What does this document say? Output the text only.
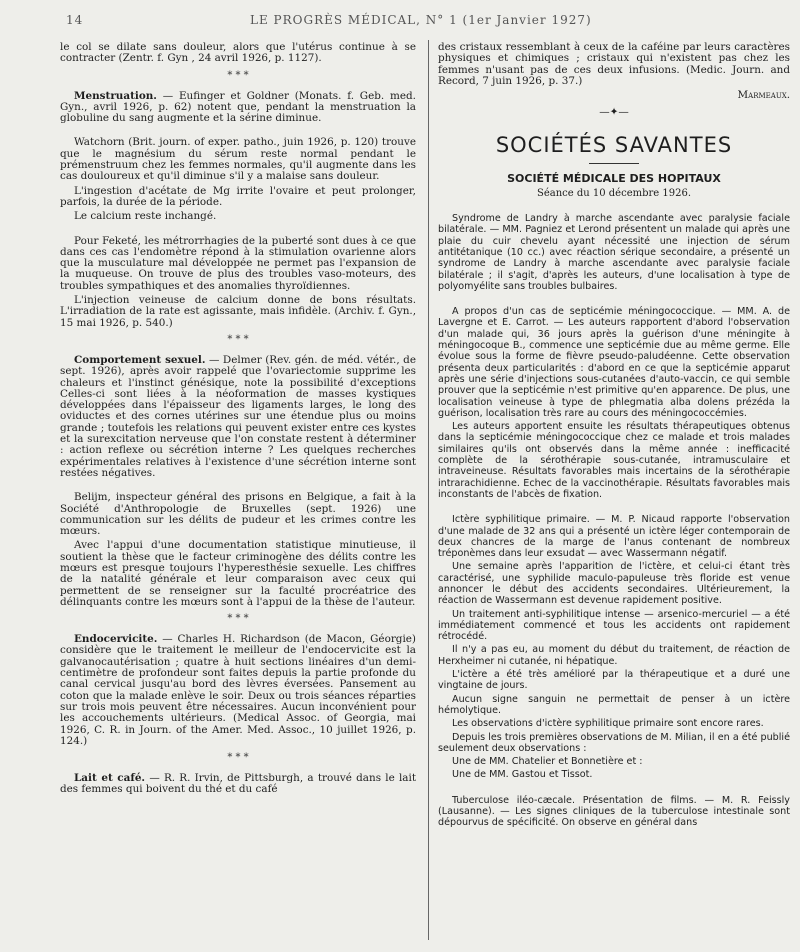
14	LE PROGRÈS MÉDICAL, N° 1 (1er Janvier 1927)

le col se dilate sans douleur, alors que l'utérus continue à se contracter (Zentr. f. Gyn , 24 avril 1926, p. 1127).

* * *

Menstruation. — Eufinger et Goldner (Monats. f. Geb. med. Gyn., avril 1926, p. 62) notent que, pendant la menstruation la globuline du sang augmente et la sérine diminue.

Watchorn (Brit. journ. of exper. patho., juin 1926, p. 120) trouve que le magnésium du sérum reste normal pendant le prémenstruum chez les femmes normales, qu'il augmente dans les cas douloureux et qu'il diminue s'il y a malaise sans douleur.

L'ingestion d'acétate de Mg irrite l'ovaire et peut prolonger, parfois, la durée de la période.

Le calcium reste inchangé.

Pour Feketé, les métrorrhagies de la puberté sont dues à ce que dans ces cas l'endomètre répond à la stimulation ovarienne alors que la musculature mal développée ne permet pas l'expansion de la muqueuse. On trouve de plus des troubles vaso-moteurs, des troubles sympathiques et des anomalies thyroïdiennes.

L'injection veineuse de calcium donne de bons résultats. L'irradiation de la rate est agissante, mais infidèle. (Archiv. f. Gyn., 15 mai 1926, p. 540.)

* * *

Comportement sexuel. — Delmer (Rev. gén. de méd. vétér., de sept. 1926), après avoir rappelé que l'ovariectomie supprime les chaleurs et l'instinct génésique, note la possibilité d'exceptions Celles-ci sont liées à la néoformation de masses kystiques développées dans l'épaisseur des ligaments larges, le long des oviductes et des cornes utérines sur une étendue plus ou moins grande ; toutefois les relations qui peuvent exister entre ces kystes et la surexcitation nerveuse que l'on constate restent à déterminer : action reflexe ou sécrétion interne ? Les quelques recherches expérimentales relatives à l'existence d'une sécrétion interne sont restées négatives.

Belijm, inspecteur général des prisons en Belgique, a fait à la Société d'Anthropologie de Bruxelles (sept. 1926) une communication sur les délits de pudeur et les crimes contre les mœurs.

Avec l'appui d'une documentation statistique minutieuse, il soutient la thèse que le facteur criminogène des délits contre les mœurs est presque toujours l'hyperesthésie sexuelle. Les chiffres de la natalité générale et leur comparaison avec ceux qui permettent de se renseigner sur la faculté procréatrice des délinquants contre les mœurs sont à l'appui de la thèse de l'auteur.

* * *

Endocervicite. — Charles H. Richardson (de Macon, Géorgie) considère que le traitement le meilleur de l'endocervicite est la galvanocautérisation ; quatre à huit sections linéaires d'un demi-centimètre de profondeur sont faites depuis la partie profonde du canal cervical jusqu'au bord des lèvres éversées. Pansement au coton que la malade enlève le soir. Deux ou trois séances réparties sur trois mois peuvent être nécessaires. Aucun inconvénient pour les accouchements ultérieurs. (Medical Assoc. of Georgia, mai 1926, C. R. in Journ. of the Amer. Med. Assoc., 10 juillet 1926, p. 124.)

* * *

Lait et café. — R. R. Irvin, de Pittsburgh, a trouvé dans le lait des femmes qui boivent du thé et du café

des cristaux ressemblant à ceux de la caféine par leurs caractères physiques et chimiques ; cristaux qui n'existent pas chez les femmes n'usant pas de ces deux infusions. (Medic. Journ. and Record, 7 juin 1926, p. 37.)

Marmeaux.
—✦—
SOCIÉTÉS SAVANTES
SOCIÉTÉ MÉDICALE DES HOPITAUX
Séance du 10 décembre 1926.

Syndrome de Landry à marche ascendante avec paralysie faciale bilatérale. — MM. Pagniez et Lerond présentent un malade qui après une plaie du cuir chevelu ayant nécessité une injection de sérum antitétanique (10 cc.) avec réaction sérique secondaire, a présenté un syndrome de Landry à marche ascendante avec paralysie faciale bilatérale ; il s'agit, d'après les auteurs, d'une localisation à type de polyomyélite sans troubles bulbaires.

A propos d'un cas de septicémie méningococcique. — MM. A. de Lavergne et E. Carrot. — Les auteurs rapportent d'abord l'observation d'un malade qui, 36 jours après la guérison d'une méningite à méningocoque B., commence une septicémie due au même germe. Elle évolue sous la forme de fièvre pseudo-paludéenne. Cette observation présenta deux particularités : d'abord en ce que la septicémie apparut après une série d'injections sous-cutanées d'auto-vaccin, ce qui semble prouver que la septicémie n'est primitive qu'en apparence. De plus, une localisation veineuse à type de phlegmatia alba dolens prézéda la guérison, localisation très rare au cours des méningococcémies.

Les auteurs apportent ensuite les résultats thérapeutiques obtenus dans la septicémie méningococcique chez ce malade et trois malades similaires qu'ils ont observés dans la même année : inefficacité complète de la sérothérapie sous-cutanée, intramusculaire et intraveineuse. Résultats favorables mais incertains de la sérothérapie intrarachidienne. Echec de la vaccinothérapie. Résultats favorables mais inconstants de l'abcès de fixation.

Ictère syphilitique primaire. — M. P. Nicaud rapporte l'observation d'une malade de 32 ans qui a présenté un ictère léger contemporain de deux chancres de la marge de l'anus contenant de nombreux tréponèmes dans leur exsudat — avec Wassermann négatif.

Une semaine après l'apparition de l'ictère, et celui-ci étant très caractérisé, une syphilide maculo-papuleuse très floride est venue annoncer le début des accidents secondaires. Ultérieurement, la réaction de Wassermann est devenue rapidement positive.

Un traitement anti-syphilitique intense — arsenico-mercuriel — a été immédiatement commencé et tous les accidents ont rapidement rétrocédé.

Il n'y a pas eu, au moment du début du traitement, de réaction de Herxheimer ni cutanée, ni hépatique.

L'ictère a été très amélioré par la thérapeutique et a duré une vingtaine de jours.

Aucun signe sanguin ne permettait de penser à un ictère hémolytique.

Les observations d'ictère syphilitique primaire sont encore rares.

Depuis les trois premières observations de M. Milian, il en a été publié seulement deux observations :

Une de MM. Chatelier et Bonnetière et :

Une de MM. Gastou et Tissot.

Tuberculose iléo-cæcale. Présentation de films. — M. R. Feissly (Lausanne). — Les signes cliniques de la tuberculose intestinale sont dépourvus de spécificité. On observe en général dans
